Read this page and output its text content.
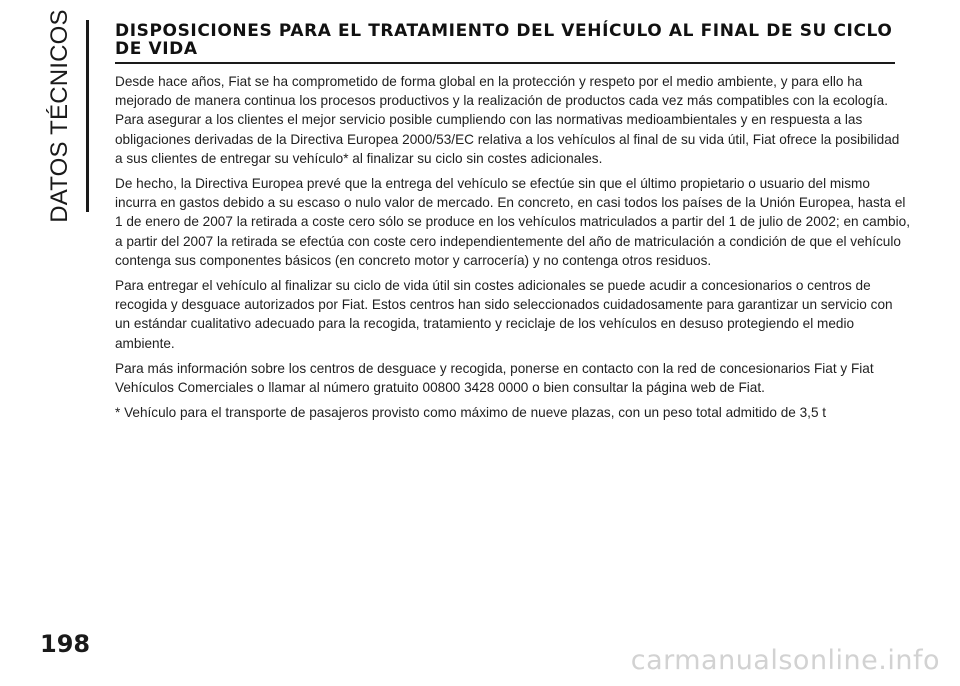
DATOS TÉCNICOS DISPOSICIONES PARA EL TRATAMIENTO DEL VEHÍCULO AL FINAL DE SU CICLO DE VIDA

Desde hace años, Fiat se ha comprometido de forma global en la protección y respeto por el medio ambiente, y para ello ha mejorado de manera continua los procesos productivos y la realización de productos cada vez más compatibles con la ecología. Para asegurar a los clientes el mejor servicio posible cumpliendo con las normativas medioambientales y en respuesta a las obligaciones derivadas de la Directiva Europea 2000/53/EC relativa a los vehículos al final de su vida útil, Fiat ofrece la posibilidad a sus clientes de entregar su vehículo* al finalizar su ciclo sin costes adicionales.

De hecho, la Directiva Europea prevé que la entrega del vehículo se efectúe sin que el último propietario o usuario del mismo incurra en gastos debido a su escaso o nulo valor de mercado. En concreto, en casi todos los países de la Unión Europea, hasta el 1 de enero de 2007 la retirada a coste cero sólo se produce en los vehículos matriculados a partir del 1 de julio de 2002; en cambio, a partir del 2007 la retirada se efectúa con coste cero independientemente del año de matriculación a condición de que el vehículo contenga sus componentes básicos (en concreto motor y carrocería) y no contenga otros residuos.

Para entregar el vehículo al finalizar su ciclo de vida útil sin costes adicionales se puede acudir a concesionarios o centros de recogida y desguace autorizados por Fiat. Estos centros han sido seleccionados cuidadosamente para garantizar un servicio con un estándar cualitativo adecuado para la recogida, tratamiento y reciclaje de los vehículos en desuso protegiendo el medio ambiente.

Para más información sobre los centros de desguace y recogida, ponerse en contacto con la red de concesionarios Fiat y Fiat Vehículos Comerciales o llamar al número gratuito 00800 3428 0000 o bien consultar la página web de Fiat.

* Vehículo para el transporte de pasajeros provisto como máximo de nueve plazas, con un peso total admitido de 3,5 t

198
carmanualsonline.info
